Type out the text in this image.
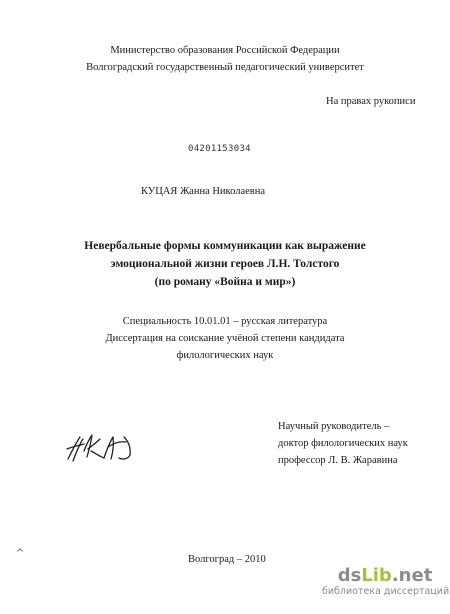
Министерство образования Российской Федерации
Волгоградский государственный педагогический университет
На правах рукописи
04201153034
КУЦАЯ Жанна Николаевна
Невербальные формы коммуникации как выражение
эмоциональной жизни героев Л.Н. Толстого
(по роману «Война и мир»)
Специальность 10.01.01 – русская литература
Диссертация на соискание учёной степени кандидата
филологических наук
Научный руководитель –
доктор филологических наук
профессор Л. В. Жаравина
Волгоград – 2010
dsLib.net
библиотека диссертаций
